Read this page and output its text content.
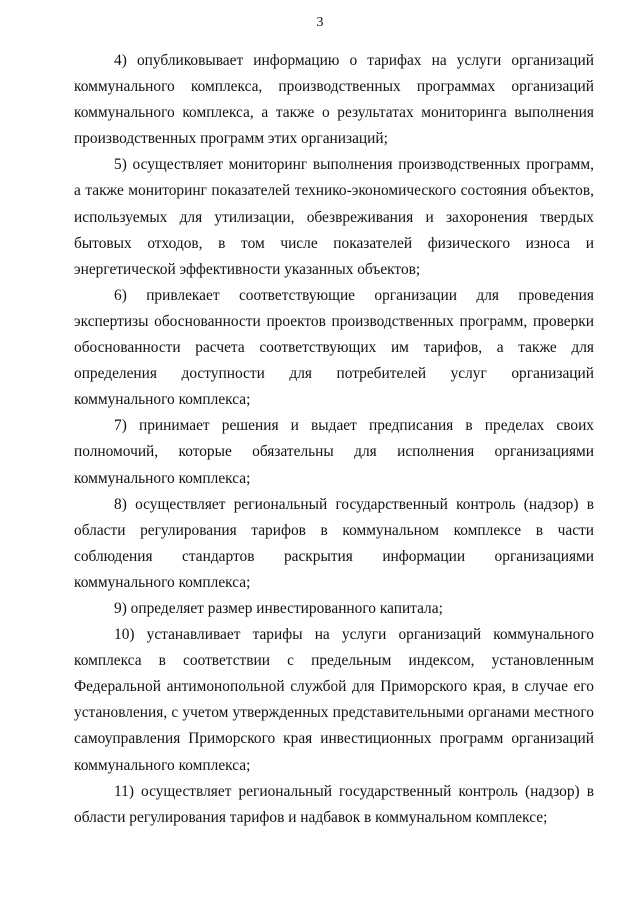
3

4) опубликовывает информацию о тарифах на услуги организаций коммунального комплекса, производственных программах организаций коммунального комплекса, а также о результатах мониторинга выполнения производственных программ этих организаций;

5) осуществляет мониторинг выполнения производственных программ, а также мониторинг показателей технико-экономического состояния объектов, используемых для утилизации, обезвреживания и захоронения твердых бытовых отходов, в том числе показателей физического износа и энергетической эффективности указанных объектов;

6) привлекает соответствующие организации для проведения экспертизы обоснованности проектов производственных программ, проверки обоснованности расчета соответствующих им тарифов, а также для определения доступности для потребителей услуг организаций коммунального комплекса;

7) принимает решения и выдает предписания в пределах своих полномочий, которые обязательны для исполнения организациями коммунального комплекса;

8) осуществляет региональный государственный контроль (надзор) в области регулирования тарифов в коммунальном комплексе в части соблюдения стандартов раскрытия информации организациями коммунального комплекса;

9) определяет размер инвестированного капитала;

10) устанавливает тарифы на услуги организаций коммунального комплекса в соответствии с предельным индексом, установленным Федеральной антимонопольной службой для Приморского края, в случае его установления, с учетом утвержденных представительными органами местного самоуправления Приморского края инвестиционных программ организаций коммунального комплекса;

11) осуществляет региональный государственный контроль (надзор) в области регулирования тарифов и надбавок в коммунальном комплексе;
